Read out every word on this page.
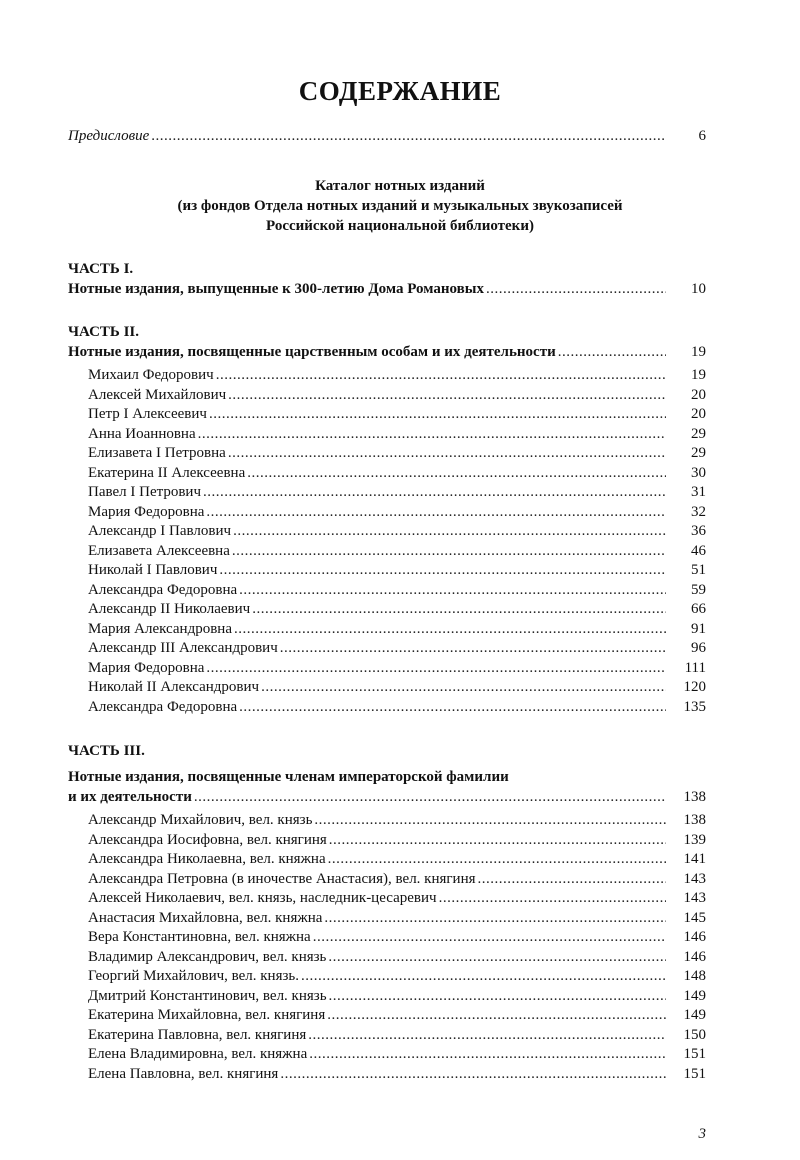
СОДЕРЖАНИЕ
Предисловие .....	6
Каталог нотных изданий
(из фондов Отдела нотных изданий и музыкальных звукозаписей
Российской национальной библиотеки)
ЧАСТЬ I.
Нотные издания, выпущенные к 300-летию Дома Романовых .....	10
ЧАСТЬ II.
Нотные издания, посвященные царственным особам и их деятельности .....	19
Михаил Федорович .....	19
Алексей Михайлович .....	20
Петр I Алексеевич .....	20
Анна Иоанновна .....	29
Елизавета I Петровна .....	29
Екатерина II Алексеевна .....	30
Павел I Петрович .....	31
Мария Федоровна .....	32
Александр I Павлович .....	36
Елизавета Алексеевна .....	46
Николай I Павлович .....	51
Александра Федоровна .....	59
Александр II Николаевич .....	66
Мария Александровна .....	91
Александр III Александрович .....	96
Мария Федоровна .....	111
Николай II Александрович .....	120
Александра Федоровна .....	135
ЧАСТЬ III.
Нотные издания, посвященные членам императорской фамилии
и их деятельности .....	138
Александр Михайлович, вел. князь .....	138
Александра Иосифовна, вел. княгиня .....	139
Александра Николаевна, вел. княжна .....	141
Александра Петровна (в иночестве Анастасия), вел. княгиня .....	143
Алексей Николаевич, вел. князь, наследник-цесаревич .....	143
Анастасия Михайловна, вел. княжна .....	145
Вера Константиновна, вел. княжна .....	146
Владимир Александрович, вел. князь .....	146
Георгий Михайлович, вел. князь. .....	148
Дмитрий Константинович, вел. князь .....	149
Екатерина Михайловна, вел. княгиня .....	149
Екатерина Павловна, вел. княгиня .....	150
Елена Владимировна, вел. княжна .....	151
Елена Павловна, вел. княгиня .....	151
3
